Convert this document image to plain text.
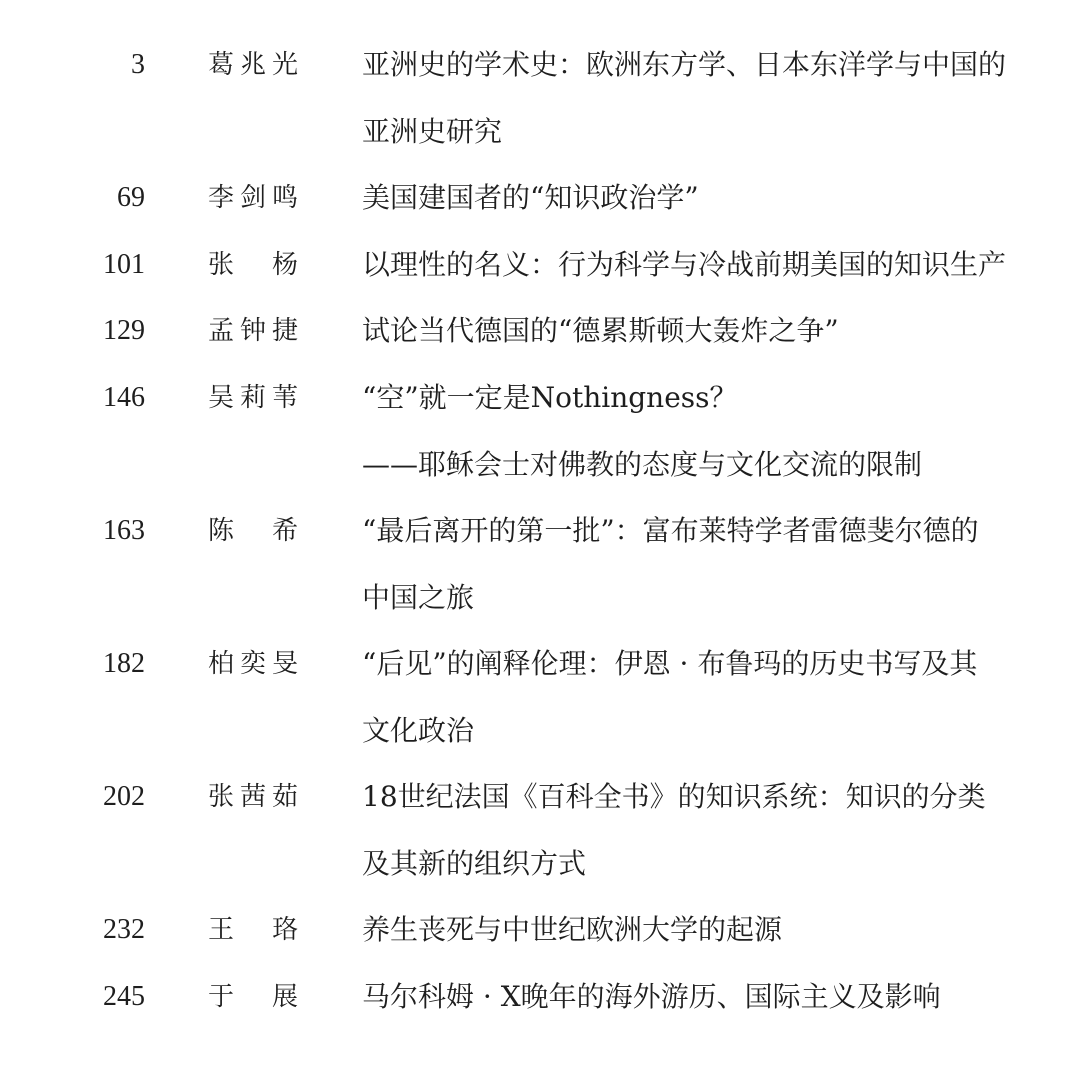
3 葛兆光 亚洲史的学术史：欧洲东方学、日本东洋学与中国的
亚洲史研究
69 李剑鸣 美国建国者的“知识政治学”
101 张　杨 以理性的名义：行为科学与冷战前期美国的知识生产
129 孟钟捷 试论当代德国的“德累斯顿大轰炸之争”
146 吴莉苇 “空”就一定是Nothingness？
——耶稣会士对佛教的态度与文化交流的限制
163 陈　希 “最后离开的第一批”：富布莱特学者雷德斐尔德的
中国之旅
182 柏奕旻 “后见”的阐释伦理：伊恩 · 布鲁玛的历史书写及其
文化政治
202 张茜茹 18世纪法国《百科全书》的知识系统：知识的分类
及其新的组织方式
232 王　珞 养生丧死与中世纪欧洲大学的起源
245 于　展 马尔科姆 · X晚年的海外游历、国际主义及影响
